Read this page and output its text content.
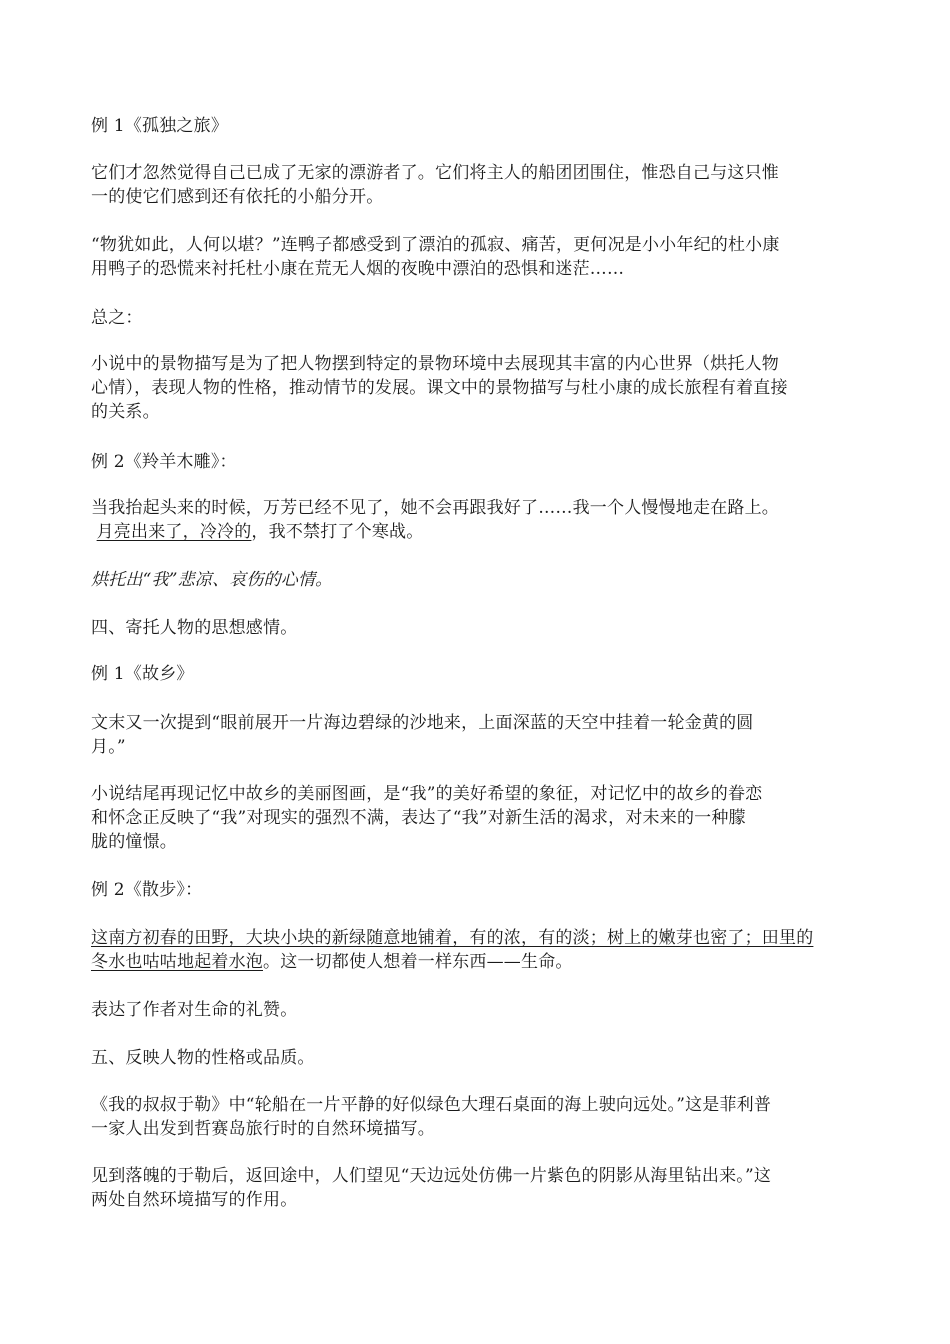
例 1《孤独之旅》

它们才忽然觉得自己已成了无家的漂游者了。它们将主人的船团团围住，惟恐自己与这只惟
一的使它们感到还有依托的小船分开。

“物犹如此，人何以堪？”连鸭子都感受到了漂泊的孤寂、痛苦，更何况是小小年纪的杜小康
用鸭子的恐慌来衬托杜小康在荒无人烟的夜晚中漂泊的恐惧和迷茫……

总之：

小说中的景物描写是为了把人物摆到特定的景物环境中去展现其丰富的内心世界（烘托人物
心情），表现人物的性格，推动情节的发展。课文中的景物描写与杜小康的成长旅程有着直接
的关系。

例 2《羚羊木雕》：

当我抬起头来的时候，万芳已经不见了，她不会再跟我好了……我一个人慢慢地走在路上。
月亮出来了，冷冷的，我不禁打了个寒战。

烘托出“我”悲凉、哀伤的心情。

四、寄托人物的思想感情。

例 1《故乡》

文末又一次提到“眼前展开一片海边碧绿的沙地来，上面深蓝的天空中挂着一轮金黄的圆
月。”

小说结尾再现记忆中故乡的美丽图画，是“我”的美好希望的象征，对记忆中的故乡的眷恋
和怀念正反映了“我”对现实的强烈不满，表达了“我”对新生活的渴求，对未来的一种朦
胧的憧憬。

例 2《散步》：

这南方初春的田野，大块小块的新绿随意地铺着，有的浓，有的淡；树上的嫩芽也密了；田里的
冬水也咕咕地起着水泡。这一切都使人想着一样东西——生命。

表达了作者对生命的礼赞。

五、反映人物的性格或品质。

《我的叔叔于勒》中“轮船在一片平静的好似绿色大理石桌面的海上驶向远处。”这是菲利普
一家人出发到哲赛岛旅行时的自然环境描写。

见到落魄的于勒后，返回途中，人们望见“天边远处仿佛一片紫色的阴影从海里钻出来。”这
两处自然环境描写的作用。
